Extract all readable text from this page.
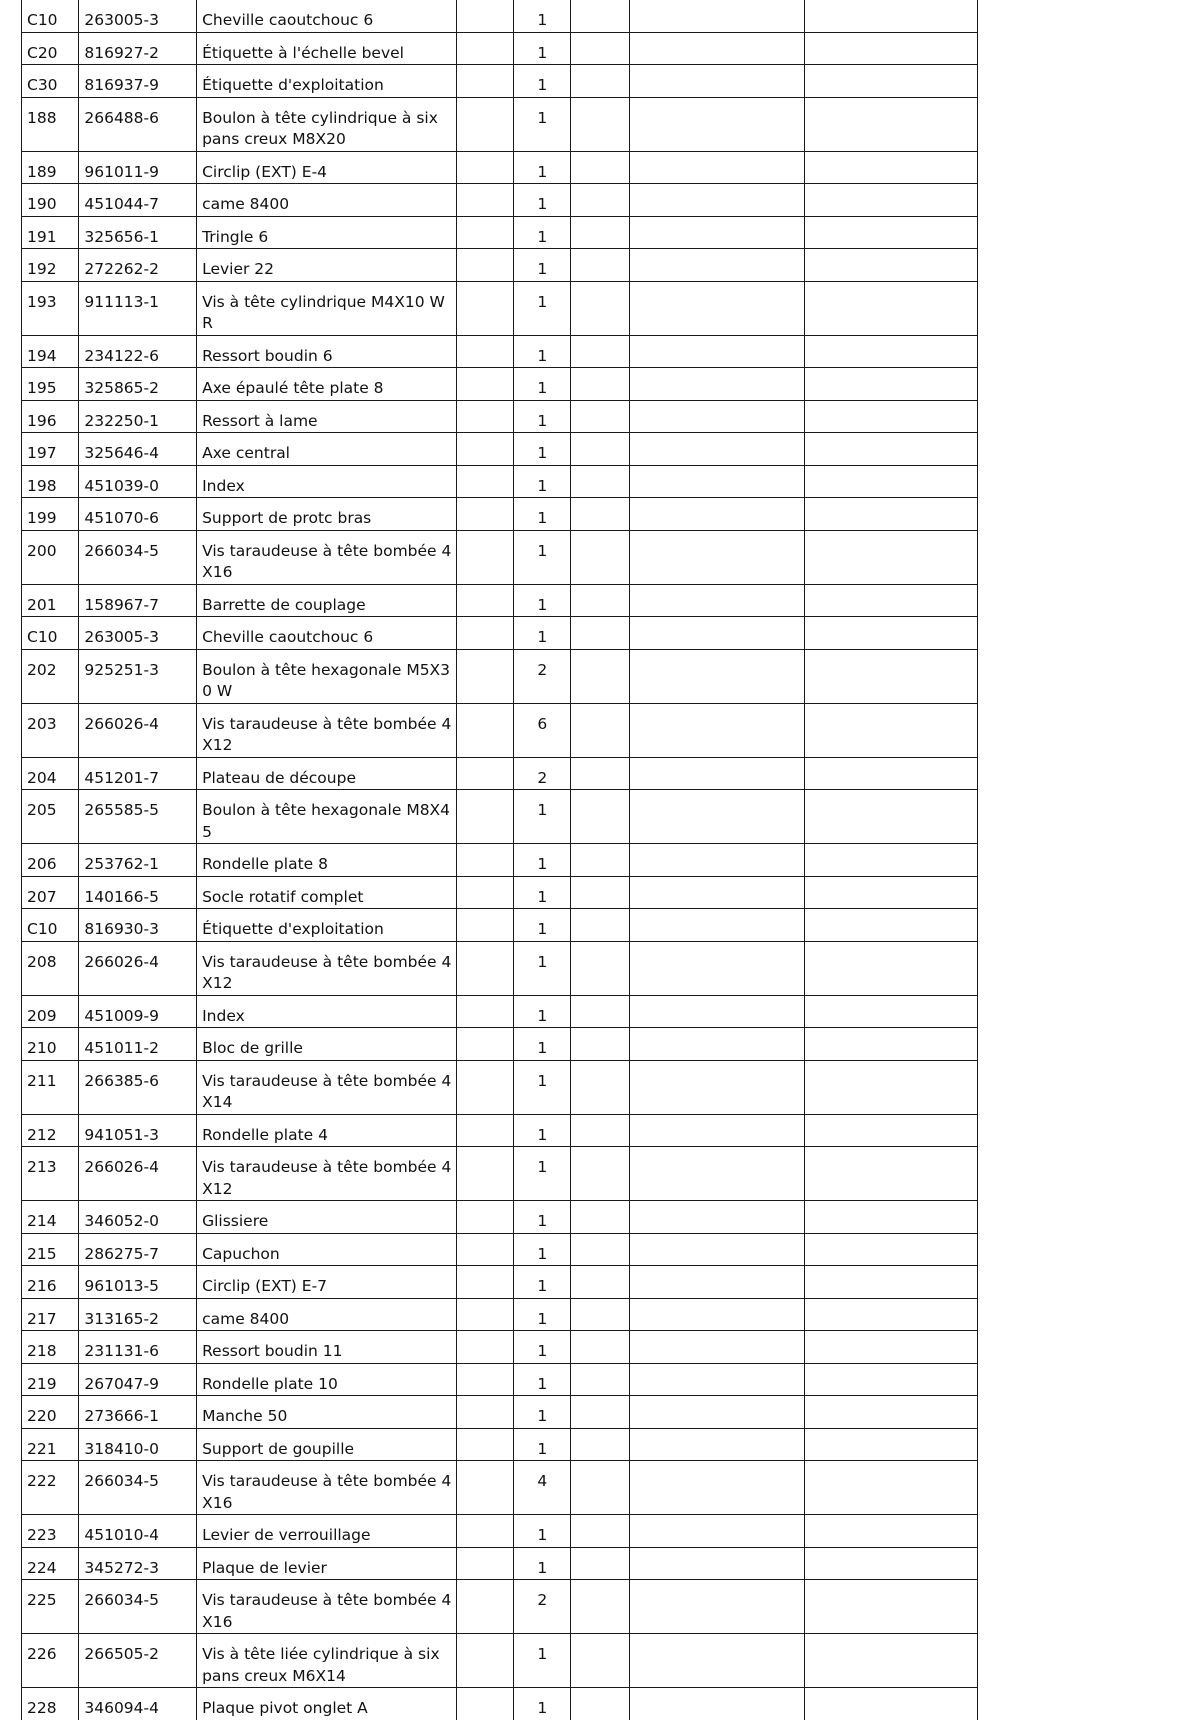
C10	263005-3	Cheville caoutchouc 6		1			
C20	816927-2	Étiquette à l'échelle bevel		1			
C30	816937-9	Étiquette d'exploitation		1			
188	266488-6	Boulon à tête cylindrique à six pans creux M8X20		1			
189	961011-9	Circlip (EXT) E-4		1			
190	451044-7	came 8400		1			
191	325656-1	Tringle 6		1			
192	272262-2	Levier 22		1			
193	911113-1	Vis à tête cylindrique M4X10 WR		1			
194	234122-6	Ressort boudin 6		1			
195	325865-2	Axe épaulé tête plate 8		1			
196	232250-1	Ressort à lame		1			
197	325646-4	Axe central		1			
198	451039-0	Index		1			
199	451070-6	Support de protc bras		1			
200	266034-5	Vis taraudeuse à tête bombée 4X16		1			
201	158967-7	Barrette de couplage		1			
C10	263005-3	Cheville caoutchouc 6		1			
202	925251-3	Boulon à tête hexagonale M5X30 W		2			
203	266026-4	Vis taraudeuse à tête bombée 4X12		6			
204	451201-7	Plateau de découpe		2			
205	265585-5	Boulon à tête hexagonale M8X45		1			
206	253762-1	Rondelle plate 8		1			
207	140166-5	Socle rotatif complet		1			
C10	816930-3	Étiquette d'exploitation		1			
208	266026-4	Vis taraudeuse à tête bombée 4X12		1			
209	451009-9	Index		1			
210	451011-2	Bloc de grille		1			
211	266385-6	Vis taraudeuse à tête bombée 4X14		1			
212	941051-3	Rondelle plate 4		1			
213	266026-4	Vis taraudeuse à tête bombée 4X12		1			
214	346052-0	Glissiere		1			
215	286275-7	Capuchon		1			
216	961013-5	Circlip (EXT) E-7		1			
217	313165-2	came 8400		1			
218	231131-6	Ressort boudin 11		1			
219	267047-9	Rondelle plate 10		1			
220	273666-1	Manche 50		1			
221	318410-0	Support de goupille		1			
222	266034-5	Vis taraudeuse à tête bombée 4X16		4			
223	451010-4	Levier de verrouillage		1			
224	345272-3	Plaque de levier		1			
225	266034-5	Vis taraudeuse à tête bombée 4X16		2			
226	266505-2	Vis à tête liée cylindrique à six pans creux M6X14		1			
228	346094-4	Plaque pivot onglet A		1			
